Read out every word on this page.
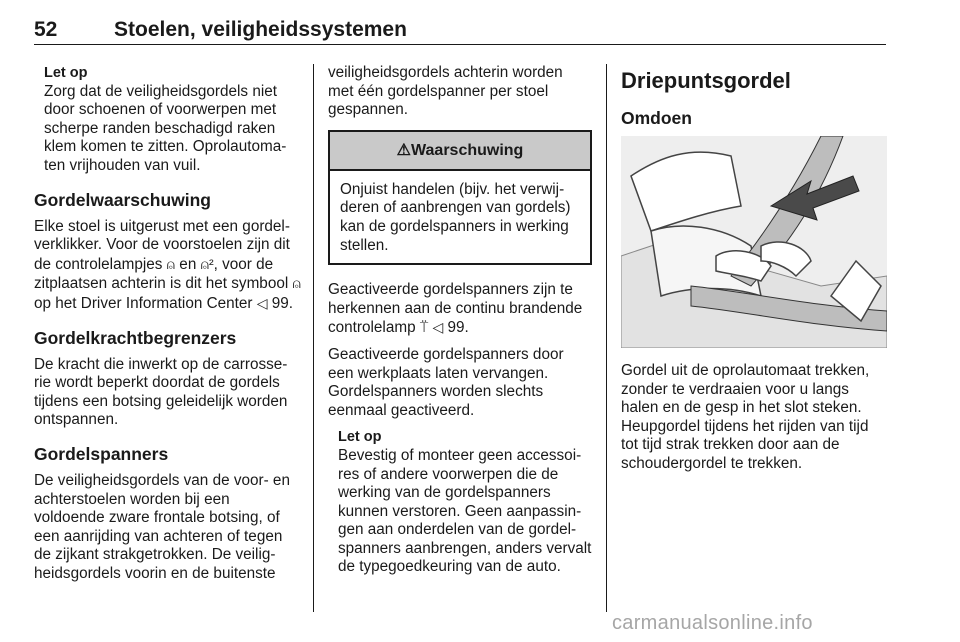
52	Stoelen, veiligheidssystemen
Let op
Zorg dat de veiligheidsgordels niet door schoenen of voorwerpen met scherpe randen beschadigd raken klem komen te zitten. Oprolautoma-ten vrijhouden van vuil.
Gordelwaarschuwing

Elke stoel is uitgerust met een gordel-verklikker. Voor de voorstoelen zijn dit de controlelampjes ⍝ en ⍝², voor de zitplaatsen achterin is dit het symbool ⍝ op het Driver Information Center ◁ 99.

Gordelkrachtbegrenzers

De kracht die inwerkt op de carrosse-rie wordt beperkt doordat de gordels tijdens een botsing geleidelijk worden ontspannen.

Gordelspanners

De veiligheidsgordels van de voor- en achterstoelen worden bij een voldoende zware frontale botsing, of een aanrijding van achteren of tegen de zijkant strakgetrokken. De veilig-heidsgordels voorin en de buitenste

veiligheidsgordels achterin worden met één gordelspanner per stoel gespannen.

⚠Waarschuwing
Onjuist handelen (bijv. het verwij-deren of aanbrengen van gordels) kan de gordelspanners in werking stellen.

Geactiveerde gordelspanners zijn te herkennen aan de continu brandende controlelamp ⍡ ◁ 99.

Geactiveerde gordelspanners door een werkplaats laten vervangen. Gordelspanners worden slechts eenmaal geactiveerd.

Let op
Bevestig of monteer geen accessoi-res of andere voorwerpen die de werking van de gordelspanners kunnen verstoren. Geen aanpassin-gen aan onderdelen van de gordel-spanners aanbrengen, anders vervalt de typegoedkeuring van de auto.
Driepuntsgordel
Omdoen

Gordel uit de oprolautomaat trekken, zonder te verdraaien voor u langs halen en de gesp in het slot steken. Heupgordel tijdens het rijden van tijd tot tijd strak trekken door aan de schoudergordel te trekken.

carmanualsonline.info
